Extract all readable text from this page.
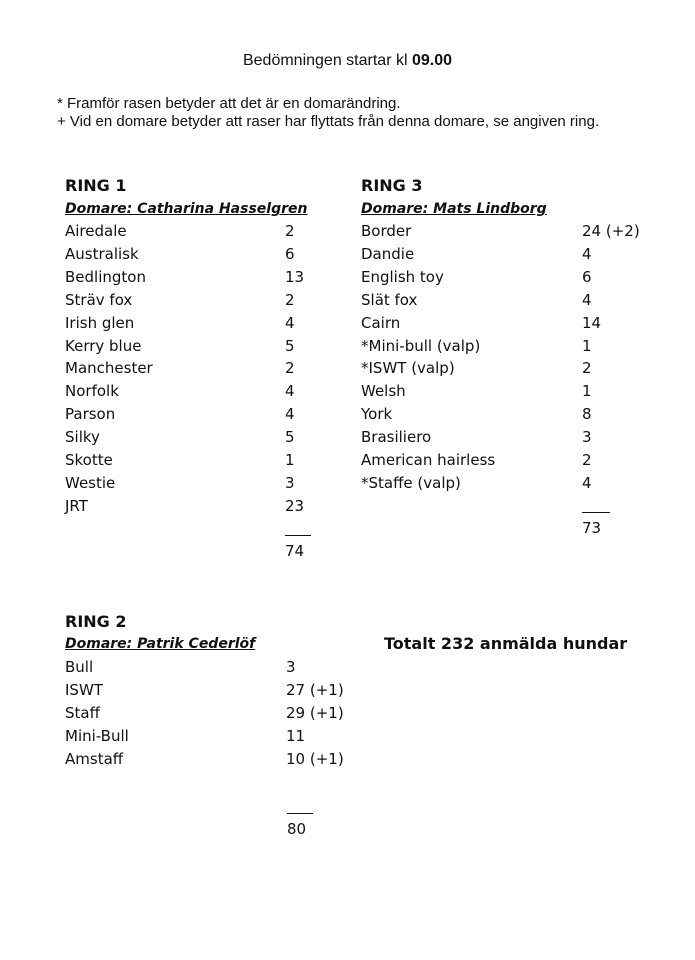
Bedömningen startar kl 09.00
* Framför rasen betyder att det är en domarändring.
+ Vid en domare betyder att raser har flyttats från denna domare, se angiven ring.
RING 1
Domare: Catharina Hasselgren
Airedale	2
Australisk	6
Bedlington	13
Sträv fox	2
Irish glen	4
Kerry blue	5
Manchester	2
Norfolk	4
Parson	4
Silky	5
Skotte	1
Westie	3
JRT	23
74
RING 3
Domare: Mats Lindborg
Border	24 (+2)
Dandie	4
English toy	6
Slät fox	4
Cairn	14
*Mini-bull (valp)	1
*ISWT (valp)	2
Welsh	1
York	8
Brasiliero	3
American hairless	2
*Staffe (valp)	4
73
RING 2
Domare: Patrik Cederlöf
Bull	3
ISWT	27 (+1)
Staff	29 (+1)
Mini-Bull	11
Amstaff	10 (+1)
80
Totalt 232 anmälda hundar
